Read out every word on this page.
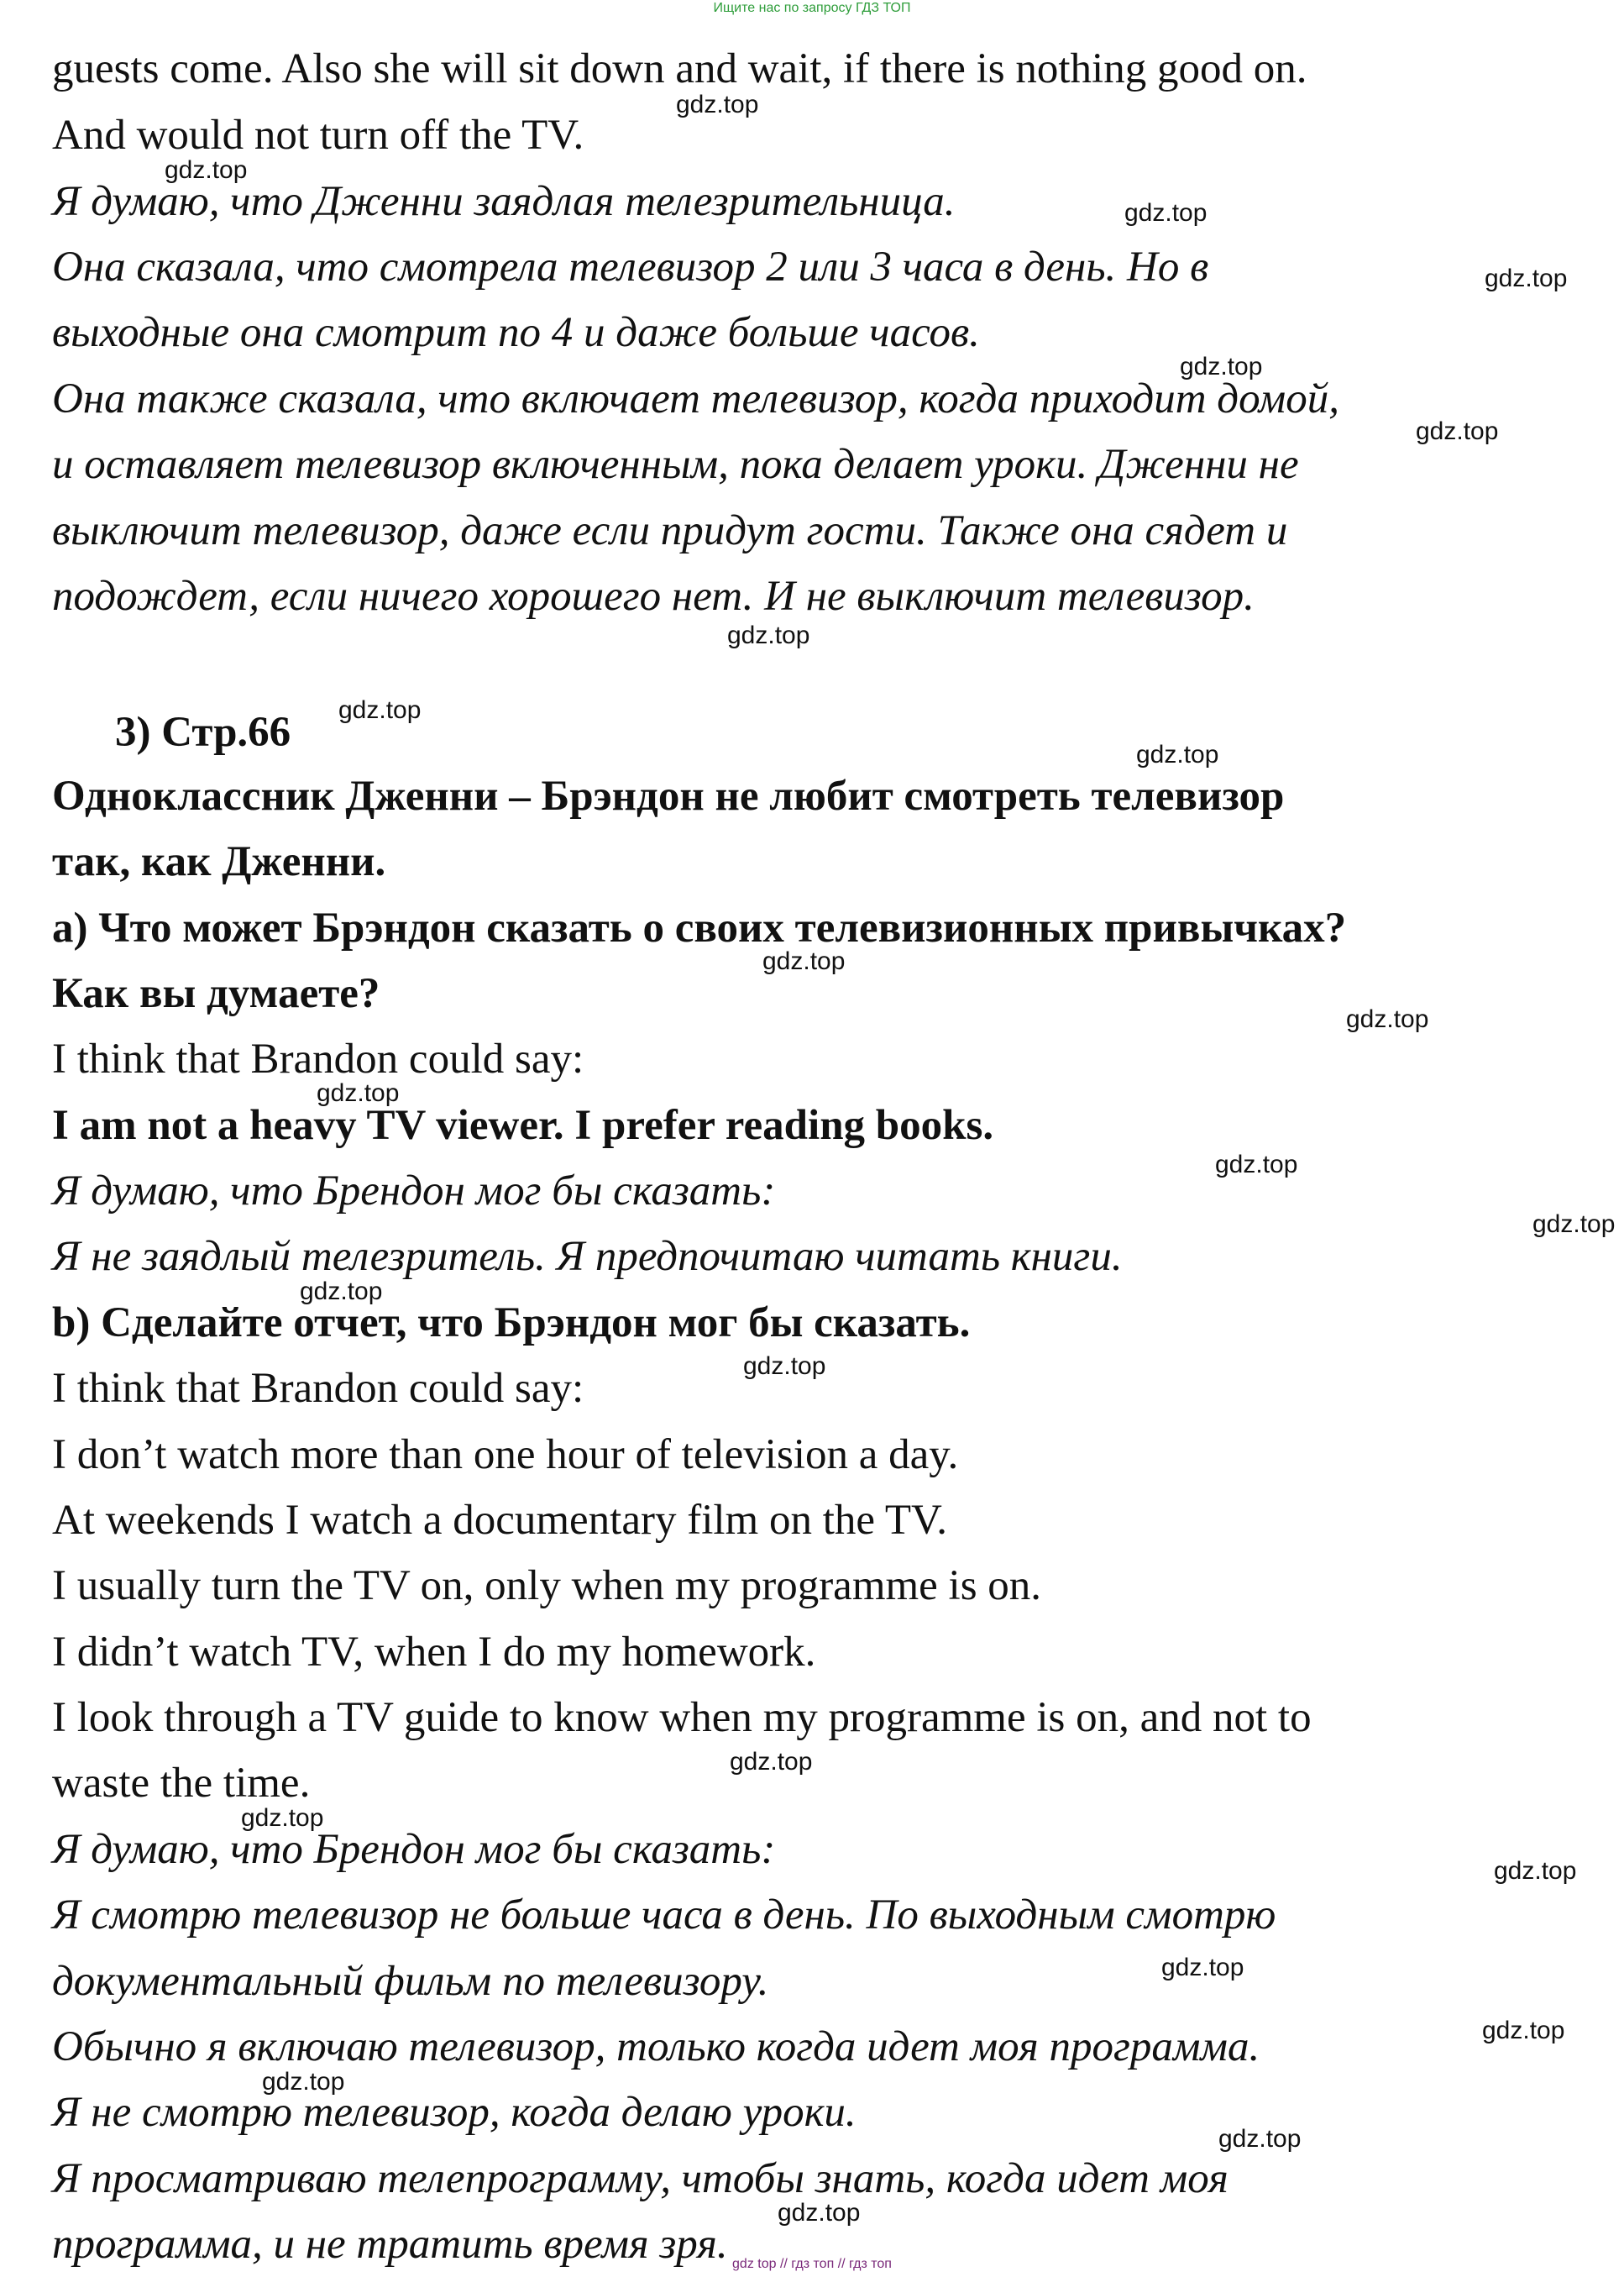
Ищите нас по запросу ГДЗ ТОП
guests come. Also she will sit down and wait, if there is nothing good on.
And would not turn off the TV.
Я думаю, что Дженни заядлая телезрительница.
Она сказала, что смотрела телевизор 2 или 3 часа в день. Но в
выходные она смотрит по 4 и даже больше часов.
Она также сказала, что включает телевизор, когда приходит домой,
и оставляет телевизор включенным, пока делает уроки. Дженни не
выключит телевизор, даже если придут гости. Также она сядет и
подождет, если ничего хорошего нет. И не выключит телевизор.
3) Стр.66
Одноклассник Дженни – Брэндон не любит смотреть телевизор
так, как Дженни.
a) Что может Брэндон сказать о своих телевизионных привычках?
Как вы думаете?
I think that Brandon could say:
I am not a heavy TV viewer. I prefer reading books.
Я думаю, что Брендон мог бы сказать:
Я не заядлый телезритель. Я предпочитаю читать книги.
b) Сделайте отчет, что Брэндон мог бы сказать.
I think that Brandon could say:
I don’t watch more than one hour of television a day.
At weekends I watch a documentary film on the TV.
I usually turn the TV on, only when my programme is on.
I didn’t watch TV, when I do my homework.
I look through a TV guide to know when my programme is on, and not to
waste the time.
Я думаю, что Брендон мог бы сказать:
Я смотрю телевизор не больше часа в день. По выходным смотрю
документальный фильм по телевизору.
Обычно я включаю телевизор, только когда идет моя программа.
Я не смотрю телевизор, когда делаю уроки.
Я просматриваю телепрограмму, чтобы знать, когда идет моя
программа, и не тратить время зря.
gdz.top
gdz.top
gdz.top
gdz.top
gdz.top
gdz.top
gdz.top
gdz.top
gdz.top
gdz.top
gdz.top
gdz.top
gdz.top
gdz.top
gdz.top
gdz.top
gdz.top
gdz.top
gdz.top
gdz.top
gdz.top
gdz.top
gdz.top
gdz.top
gdz top // гдз топ // гдз топ
